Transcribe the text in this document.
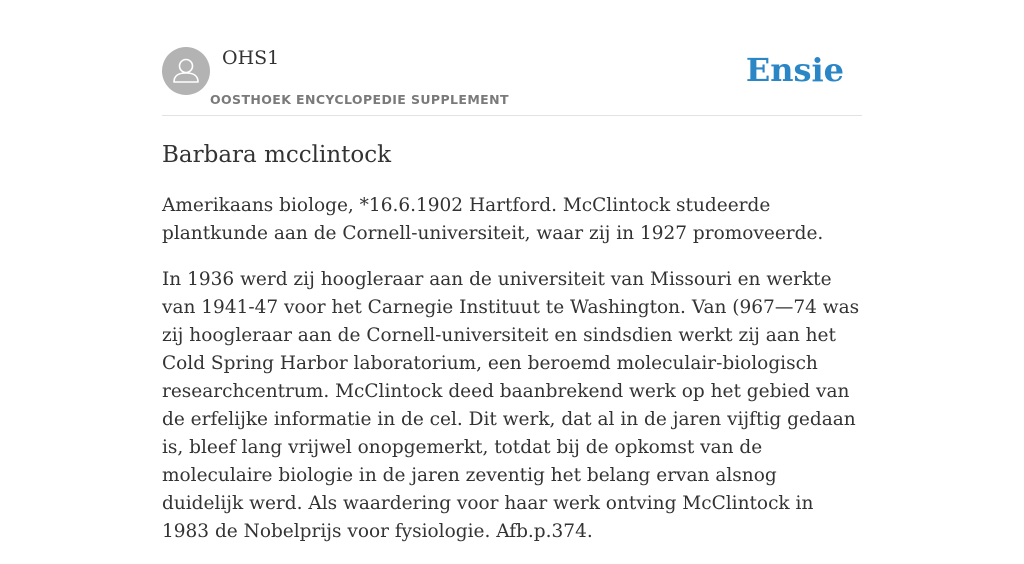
OHS1
OOSTHOEK ENCYCLOPEDIE SUPPLEMENT
Ensie
Barbara mcclintock

Amerikaans biologe, *16.6.1902 Hartford. McClintock studeerde plantkunde aan de Cornell-universiteit, waar zij in 1927 promoveerde.

In 1936 werd zij hoogleraar aan de universiteit van Missouri en werkte van 1941-47 voor het Carnegie Instituut te Washington. Van (967—74 was zij hoogleraar aan de Cornell-universiteit en sindsdien werkt zij aan het Cold Spring Harbor laboratorium, een beroemd moleculair-biologisch researchcentrum. McClintock deed baanbrekend werk op het gebied van de erfelijke informatie in de cel. Dit werk, dat al in de jaren vijftig gedaan is, bleef lang vrijwel onopgemerkt, totdat bij de opkomst van de moleculaire biologie in de jaren zeventig het belang ervan alsnog duidelijk werd. Als waardering voor haar werk ontving McClintock in 1983 de Nobelprijs voor fysiologie. Afb.p.374.
